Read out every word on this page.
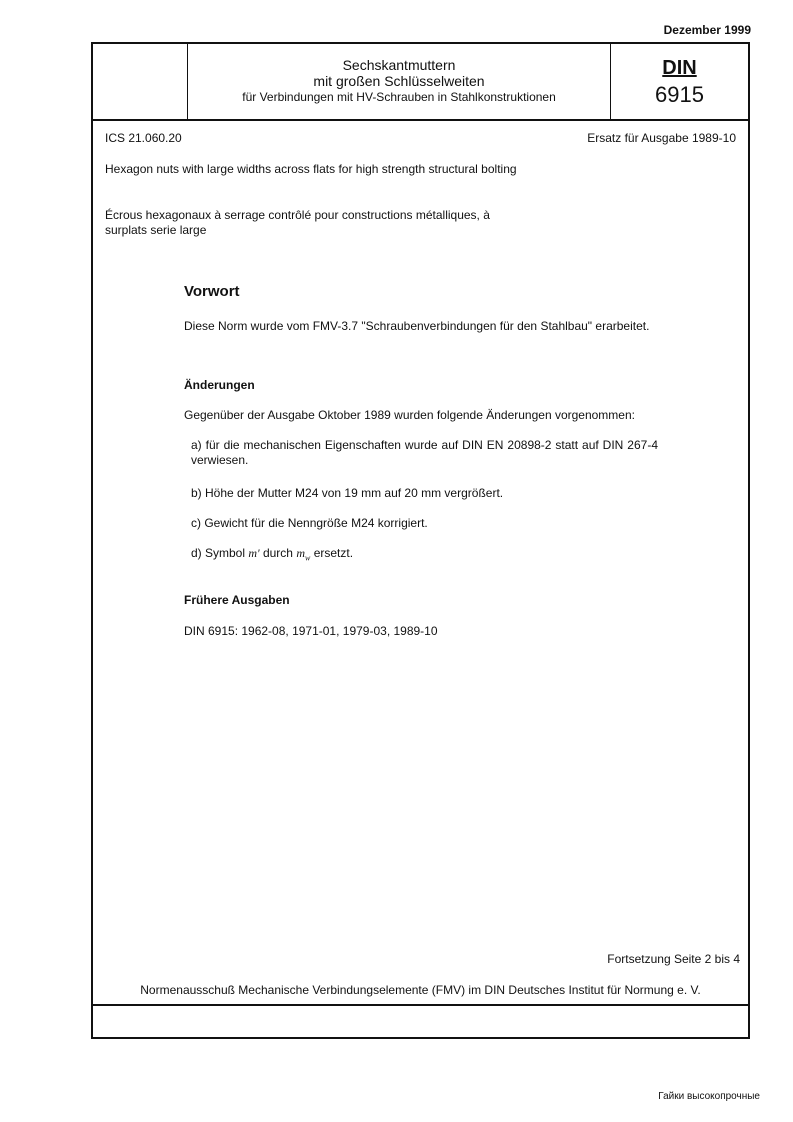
Dezember 1999
Sechskantmuttern
mit großen Schlüsselweiten
für Verbindungen mit HV-Schrauben in Stahlkonstruktionen
DIN
6915
ICS 21.060.20	Ersatz für Ausgabe 1989-10
Hexagon nuts with large widths across flats for high strength structural bolting
Écrous hexagonaux à serrage contrôlé pour constructions métalliques, à surplats serie large
Vorwort
Diese Norm wurde vom FMV-3.7 "Schraubenverbindungen für den Stahlbau" erarbeitet.
Änderungen
Gegenüber der Ausgabe Oktober 1989 wurden folgende Änderungen vorgenommen:
a) für die mechanischen Eigenschaften wurde auf DIN EN 20898-2 statt auf DIN 267-4 verwiesen.
b) Höhe der Mutter M24 von 19 mm auf 20 mm vergrößert.
c) Gewicht für die Nenngröße M24 korrigiert.
d) Symbol m' durch $m_w$ ersetzt.
Frühere Ausgaben
DIN 6915: 1962-08, 1971-01, 1979-03, 1989-10
Fortsetzung Seite 2 bis 4
Normenausschuß Mechanische Verbindungselemente (FMV) im DIN Deutsches Institut für Normung e. V.
Гайки высокопрочные
